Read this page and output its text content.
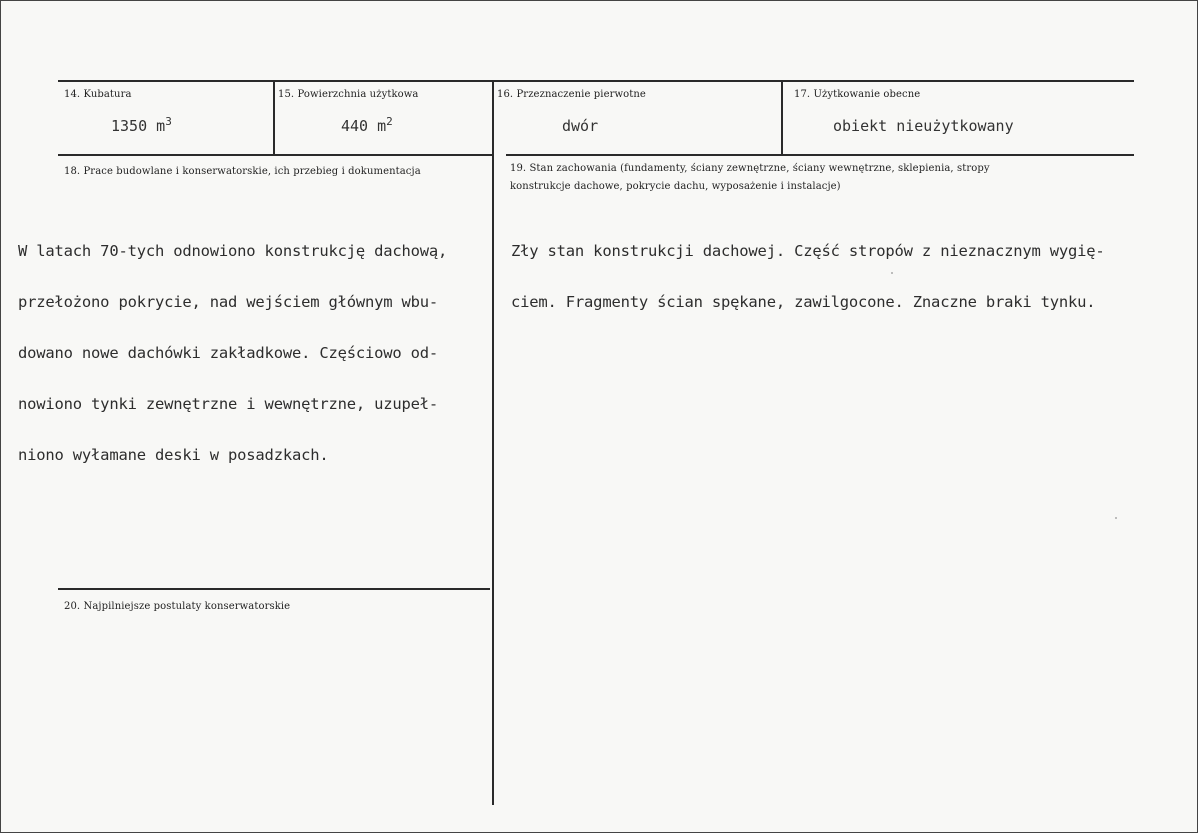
14. Kubatura
1350 $m^3$
15. Powierzchnia użytkowa
440 $m^2$
16. Przeznaczenie pierwotne
dwór
17. Użytkowanie obecne
obiekt nieużytkowany
18. Prace budowlane i konserwatorskie, ich przebieg i dokumentacja

W latach 70-tych odnowiono konstrukcję dachową,

przełożono pokrycie, nad wejściem głównym wbu-

dowano nowe dachówki zakładkowe. Częściowo od-

nowiono tynki zewnętrzne i wewnętrzne, uzupeł-

niono wyłamane deski w posadzkach.

19. Stan zachowania (fundamenty, ściany zewnętrzne, ściany wewnętrzne, sklepienia, stropy
konstrukcje dachowe, pokrycie dachu, wyposażenie i instalacje)

Zły stan konstrukcji dachowej. Część stropów z nieznacznym wygię-

ciem. Fragmenty ścian spękane, zawilgocone. Znaczne braki tynku.

20. Najpilniejsze postulaty konserwatorskie
